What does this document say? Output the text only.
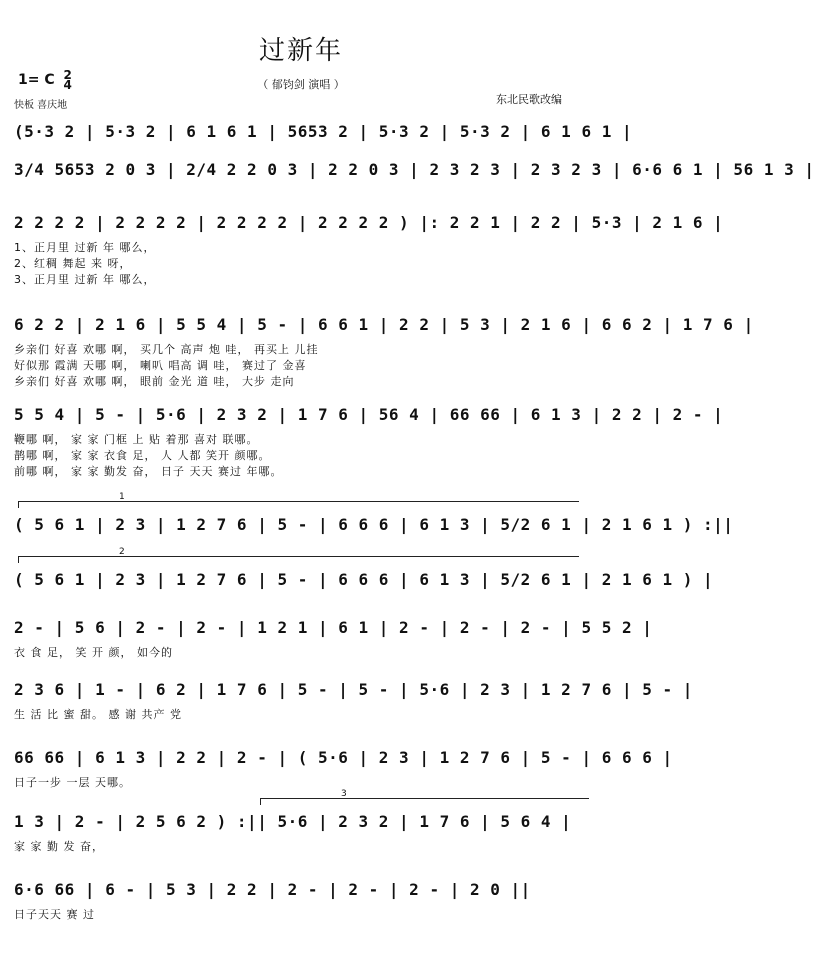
过新年
（ 郁钧剑 演唱 ）
1= C 2
4
快板 喜庆地	东北民歌改编
(5·3 2 | 5·3 2 | 6 1 6 1 | 5653 2 | 5·3 2 | 5·3 2 | 6 1 6 1 |
3/4 5653 2 0 3 | 2/4 2 2 0 3 | 2 2 0 3 | 2 3 2 3 | 2 3 2 3 | 6·6 6 1 | 56 1 3 |
2 2 2 2 | 2 2 2 2 | 2 2 2 2 | 2 2 2 2 ) |: 2 2 1 | 2 2 | 5·3 | 2 1 6 |
1、正月里 过新 年 哪么，
2、红稠 舞起 来 呀，
3、正月里 过新 年 哪么，
6 2 2 | 2 1 6 | 5 5 4 | 5 - | 6 6 1 | 2 2 | 5 3 | 2 1 6 | 6 6 2 | 1 7 6 |
乡亲们 好喜 欢哪 啊， 买几个 高声 炮 哇， 再买上 儿挂
好似那 霞满 天哪 啊， 喇叭 唱高 调 哇， 赛过了 金喜
乡亲们 好喜 欢哪 啊， 眼前 金光 道 哇， 大步 走向
5 5 4 | 5 - | 5·6 | 2 3 2 | 1 7 6 | 56 4 | 66 66 | 6 1 3 | 2 2 | 2 - |
鞭哪 啊， 家 家 门框 上 贴 着那 喜对 联哪。
鹊哪 啊， 家 家 衣食 足， 人 人都 笑开 颜哪。
前哪 啊， 家 家 勤发 奋， 日子 天天 赛过 年哪。
1
( 5 6 1 | 2 3 | 1 2 7 6 | 5 - | 6 6 6 | 6 1 3 | 5/2 6 1 | 2 1 6 1 ) :||
2
( 5 6 1 | 2 3 | 1 2 7 6 | 5 - | 6 6 6 | 6 1 3 | 5/2 6 1 | 2 1 6 1 ) |
2 - | 5 6 | 2 - | 2 - | 1 2 1 | 6 1 | 2 - | 2 - | 2 - | 5 5 2 |
衣 食 足， 笑 开 颜， 如今的
2 3 6 | 1 - | 6 2 | 1 7 6 | 5 - | 5 - | 5·6 | 2 3 | 1 2 7 6 | 5 - |
生 活 比 蜜 甜。 感 谢 共产 党
66 66 | 6 1 3 | 2 2 | 2 - | ( 5·6 | 2 3 | 1 2 7 6 | 5 - | 6 6 6 |
日子一步 一层 天哪。
3
1 3 | 2 - | 2 5 6 2 ) :|| 5·6 | 2 3 2 | 1 7 6 | 5 6 4 |
家 家 勤 发 奋，
6·6 66 | 6 - | 5 3 | 2 2 | 2 - | 2 - | 2 - | 2 0 ||
日子天天 赛 过
